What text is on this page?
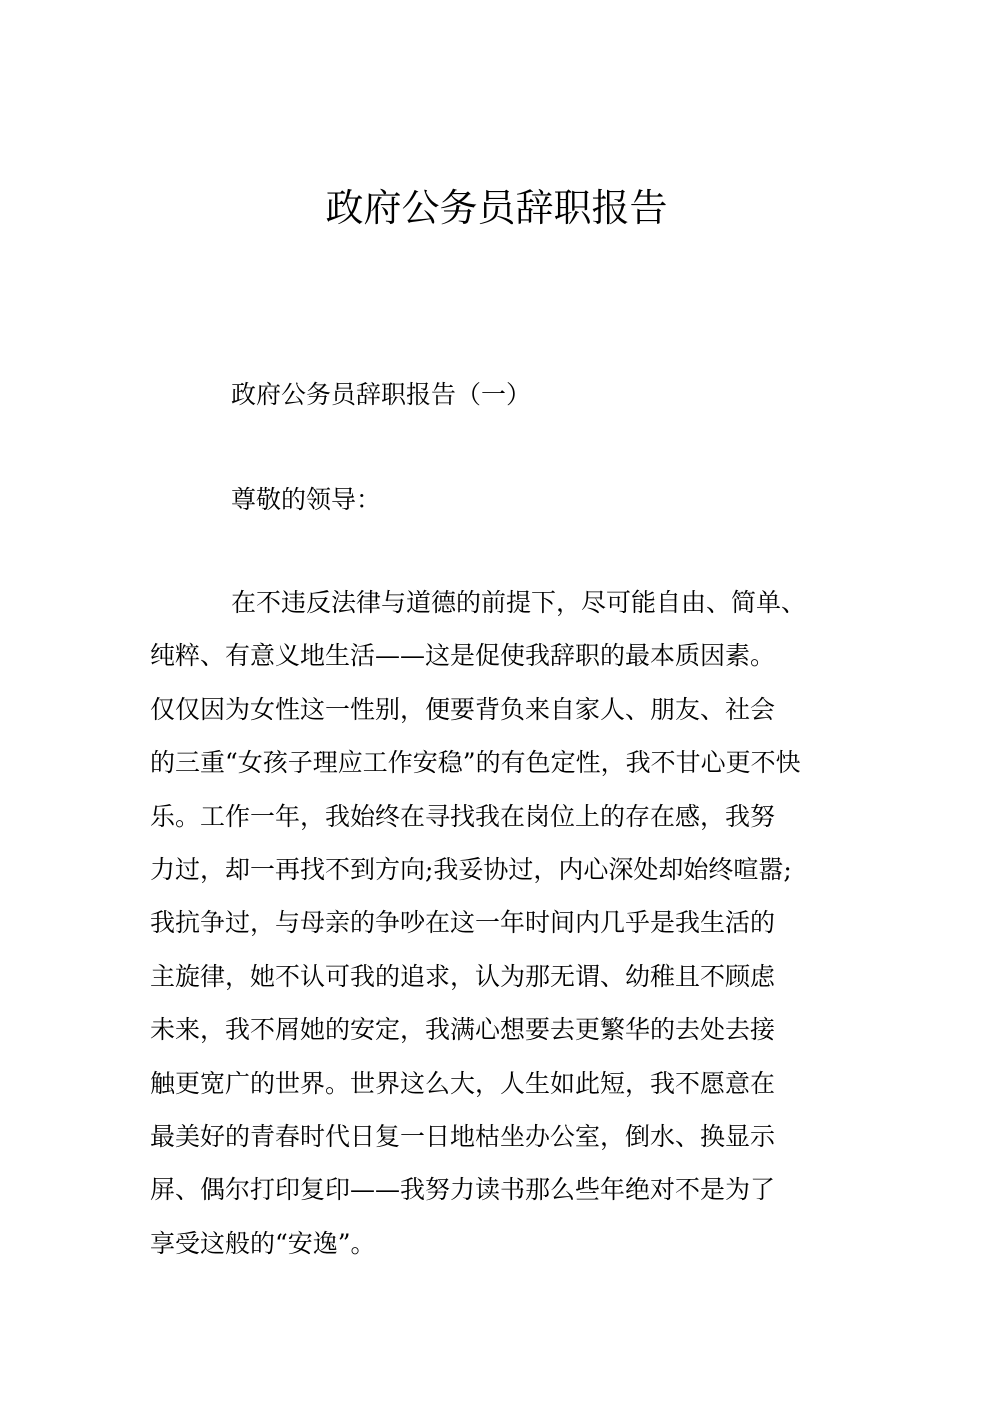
政府公务员辞职报告

政府公务员辞职报告（一）

尊敬的领导：

在不违反法律与道德的前提下，尽可能自由、简单、
纯粹、有意义地生活——这是促使我辞职的最本质因素。
仅仅因为女性这一性别，便要背负来自家人、朋友、社会
的三重“女孩子理应工作安稳”的有色定性，我不甘心更不快
乐。工作一年，我始终在寻找我在岗位上的存在感，我努
力过，却一再找不到方向;我妥协过，内心深处却始终喧嚣;
我抗争过，与母亲的争吵在这一年时间内几乎是我生活的
主旋律，她不认可我的追求，认为那无谓、幼稚且不顾虑
未来，我不屑她的安定，我满心想要去更繁华的去处去接
触更宽广的世界。世界这么大，人生如此短，我不愿意在
最美好的青春时代日复一日地枯坐办公室，倒水、换显示
屏、偶尔打印复印——我努力读书那么些年绝对不是为了
享受这般的“安逸”。
